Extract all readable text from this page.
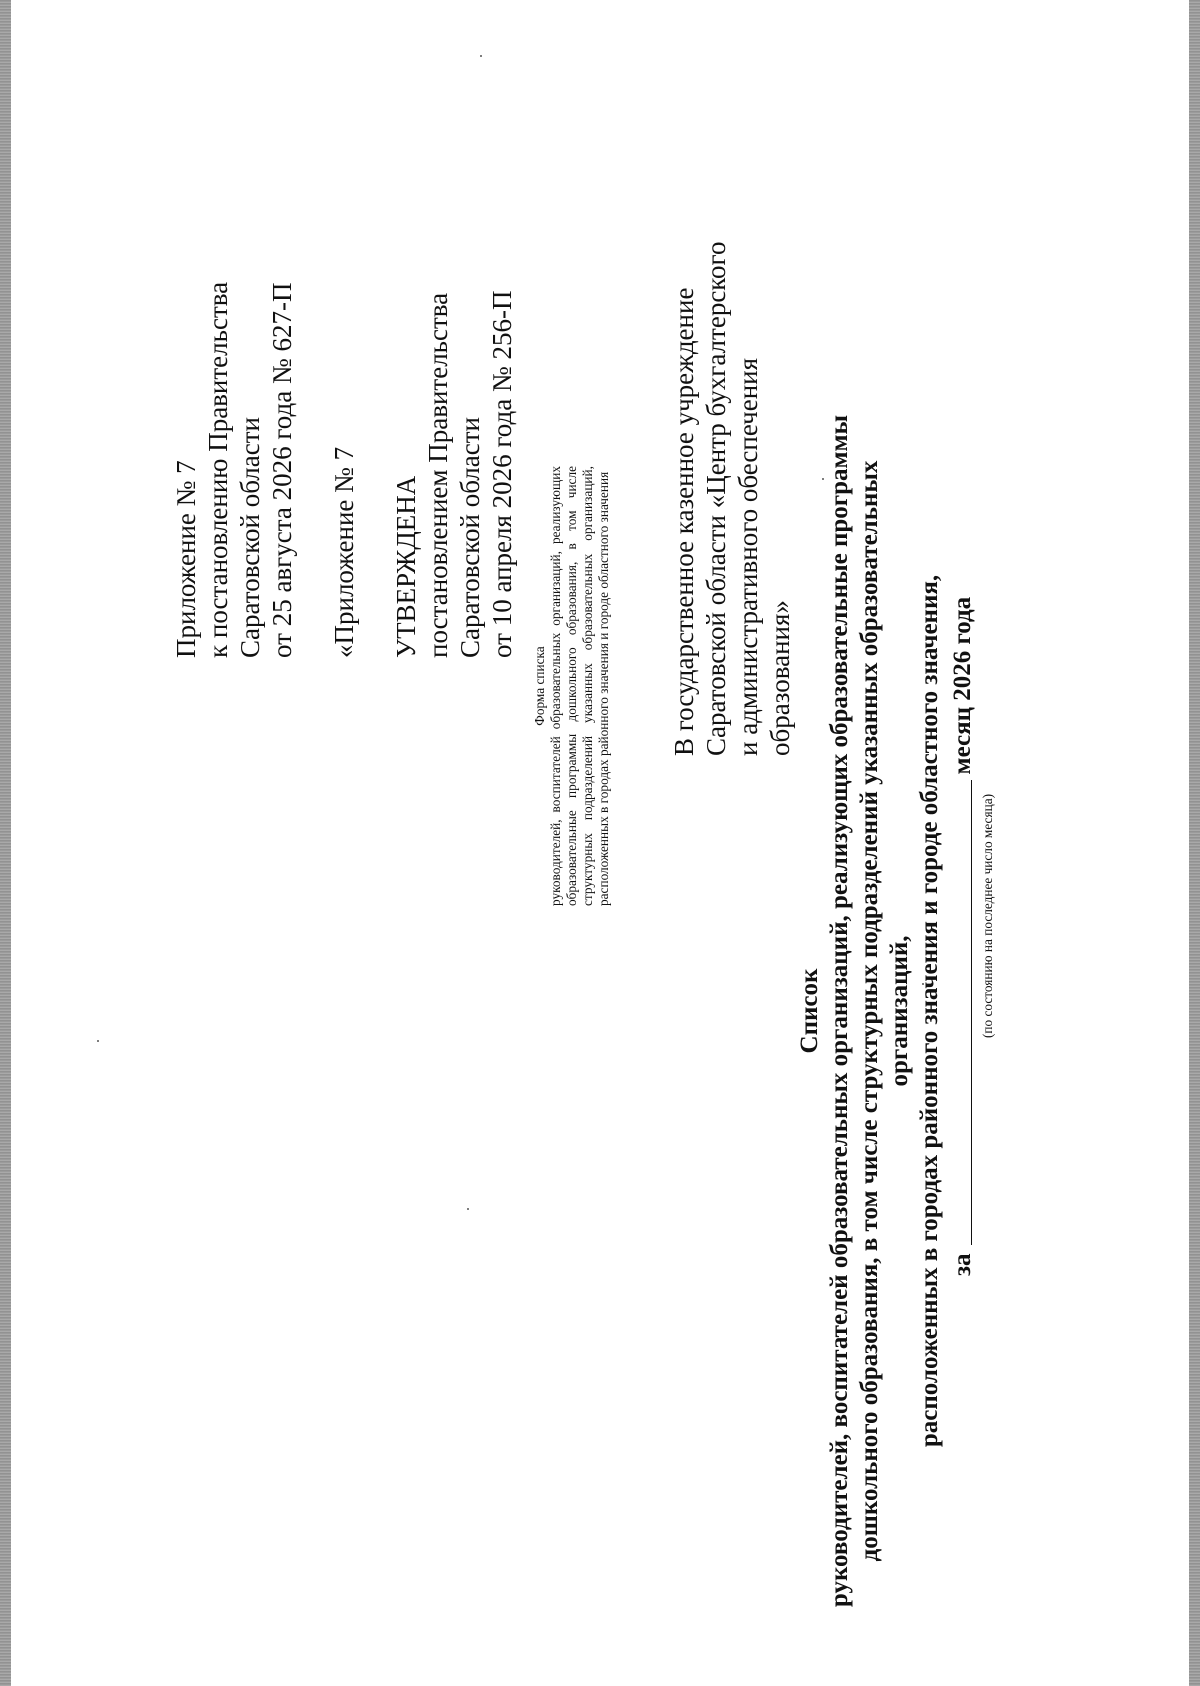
Приложение № 7 к постановлению Правительства Саратовской области от 25 августа 2026 года № 627-П «Приложение № 7 УТВЕРЖДЕНА постановлением Правительства Саратовской области от 10 апреля 2026 года № 256-П
Форма списка руководителей, воспитателей образовательных организаций, реализующих образовательные программы дошкольного образования, в том числе структурных подразделений указанных образовательных организаций, расположенных в городах районного значения и городе областного значения В государственное казенное учреждение Саратовской области «Центр бухгалтерского и административного обеспечения образования»
Список руководителей, воспитателей образовательных организаций, реализующих образовательные программы дошкольного образования, в том числе структурных подразделений указанных образовательных организаций, расположенных в городах районного значения и городе областного значения, за
месяц 2026 года
(по состоянию на последнее число месяца)
